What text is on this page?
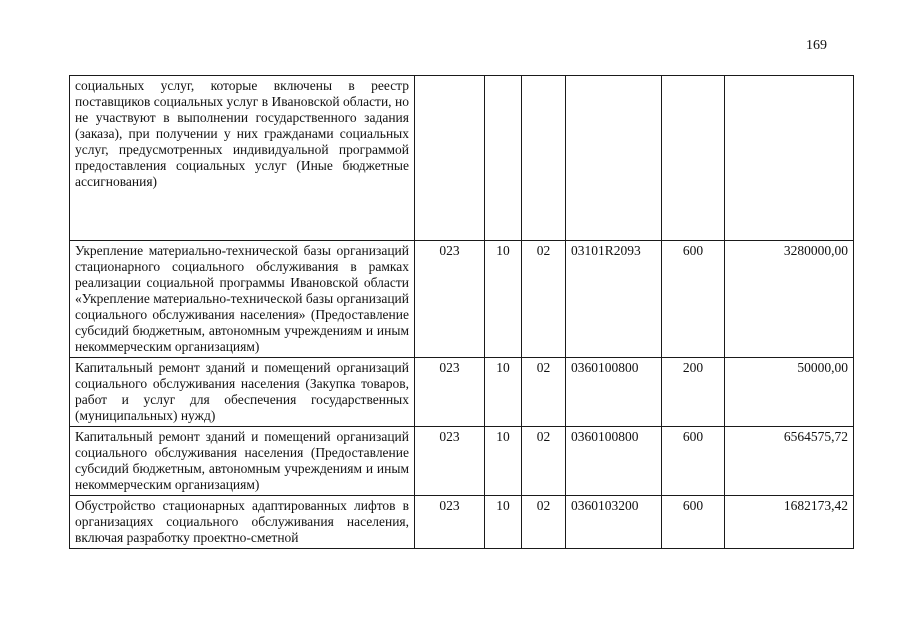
169
социальных услуг, которые включены в реестр поставщиков социальных услуг в Ивановской области, но не участвуют в выполнении государственного задания (заказа), при получении у них гражданами социальных услуг, предусмотренных индивидуальной программой предоставления социальных услуг (Иные бюджетные ассигнования)						
Укрепление материально-технической базы организаций стационарного социального обслуживания в рамках реализации социальной программы Ивановской области «Укрепление материально-технической базы организаций социального обслуживания населения» (Предоставление субсидий бюджетным, автономным учреждениям и иным некоммерческим организациям)	023	10	02	03101R2093	600	3280000,00
Капитальный ремонт зданий и помещений организаций социального обслуживания населения (Закупка товаров, работ и услуг для обеспечения государственных (муниципальных) нужд)	023	10	02	0360100800	200	50000,00
Капитальный ремонт зданий и помещений организаций социального обслуживания населения (Предоставление субсидий бюджетным, автономным учреждениям и иным некоммерческим организациям)	023	10	02	0360100800	600	6564575,72
Обустройство стационарных адаптированных лифтов в организациях социального обслуживания населения, включая разработку проектно-сметной	023	10	02	0360103200	600	1682173,42
